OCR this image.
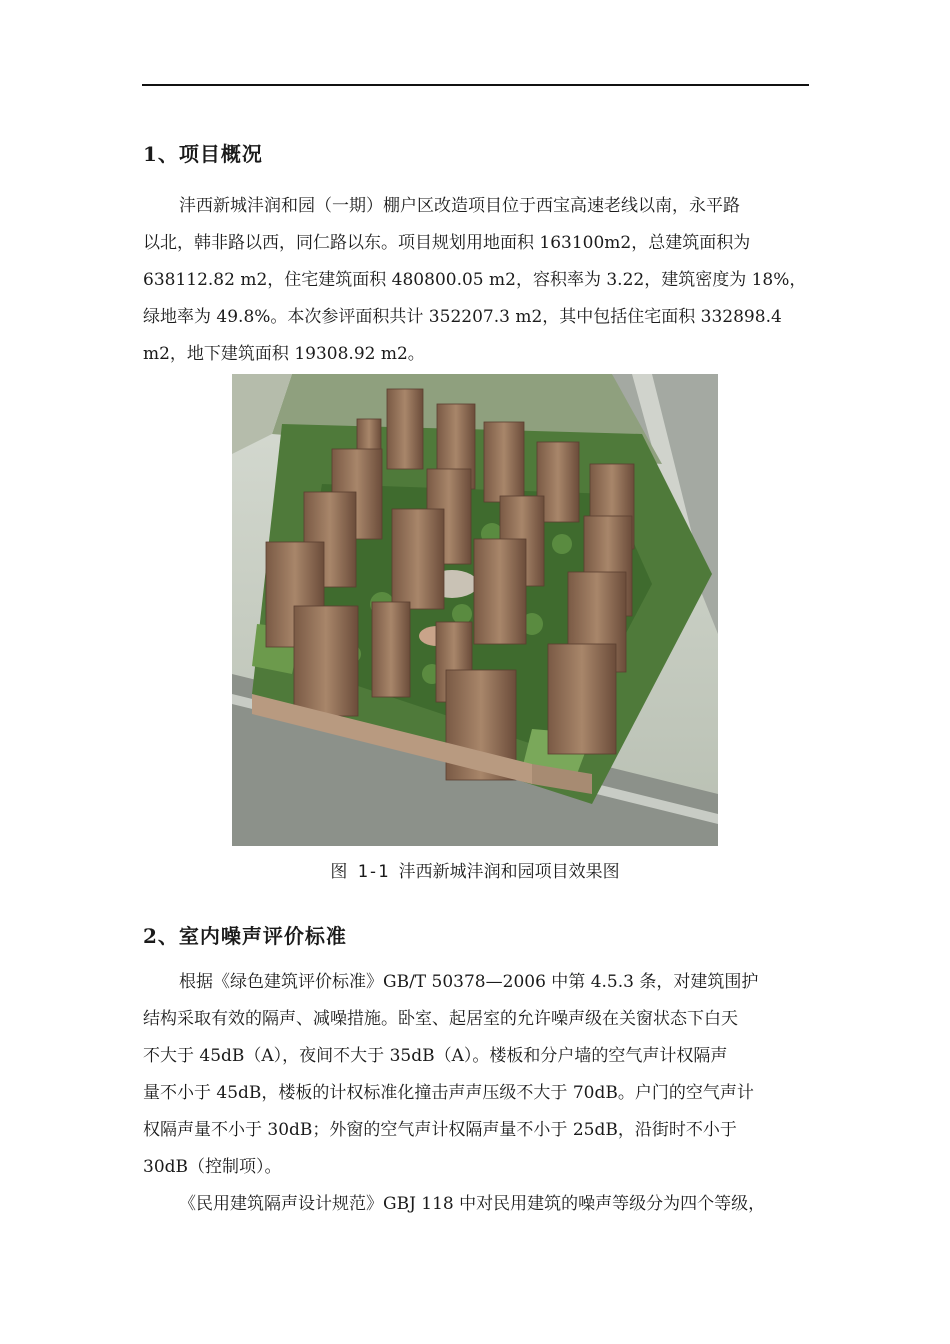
1、项目概况
沣西新城沣润和园（一期）棚户区改造项目位于西宝高速老线以南，永平路
以北，韩非路以西，同仁路以东。项目规划用地面积 163100m2，总建筑面积为
638112.82 m2，住宅建筑面积 480800.05 m2，容积率为 3.22，建筑密度为 18%，
绿地率为 49.8%。本次参评面积共计 352207.3 m2，其中包括住宅面积 332898.4
m2，地下建筑面积 19308.92 m2。

图 1-1 沣西新城沣润和园项目效果图

2、室内噪声评价标准
根据《绿色建筑评价标准》GB/T 50378—2006 中第 4.5.3 条，对建筑围护
结构采取有效的隔声、减噪措施。卧室、起居室的允许噪声级在关窗状态下白天
不大于 45dB（A），夜间不大于 35dB（A）。楼板和分户墙的空气声计权隔声
量不小于 45dB，楼板的计权标准化撞击声声压级不大于 70dB。户门的空气声计
权隔声量不小于 30dB；外窗的空气声计权隔声量不小于 25dB，沿街时不小于
30dB（控制项）。
《民用建筑隔声设计规范》GBJ 118 中对民用建筑的噪声等级分为四个等级，
